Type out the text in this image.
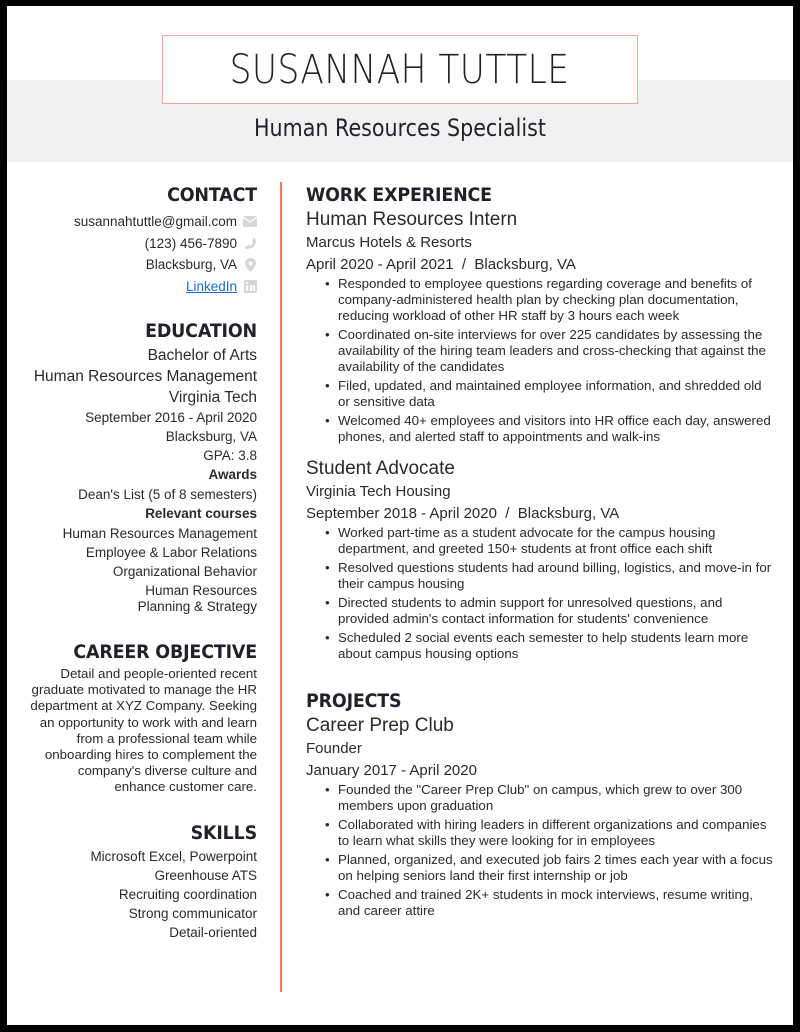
SUSANNAH TUTTLE
Human Resources Specialist
CONTACT
susannahtuttle@gmail.com
(123) 456-7890
Blacksburg, VA
LinkedIn
EDUCATION
Bachelor of Arts
Human Resources Management
Virginia Tech
September 2016 - April 2020
Blacksburg, VA
GPA: 3.8
Awards
Dean's List (5 of 8 semesters)
Relevant courses
Human Resources Management
Employee & Labor Relations
Organizational Behavior
Human Resources Planning & Strategy
CAREER OBJECTIVE
Detail and people-oriented recent graduate motivated to manage the HR department at XYZ Company. Seeking an opportunity to work with and learn from a professional team while onboarding hires to complement the company's diverse culture and enhance customer care.
SKILLS
Microsoft Excel, Powerpoint
Greenhouse ATS
Recruiting coordination
Strong communicator
Detail-oriented
WORK EXPERIENCE
Human Resources Intern
Marcus Hotels & Resorts
April 2020 - April 2021  /  Blacksburg, VA
• Responded to employee questions regarding coverage and benefits of company-administered health plan by checking plan documentation, reducing workload of other HR staff by 3 hours each week
• Coordinated on-site interviews for over 225 candidates by assessing the availability of the hiring team leaders and cross-checking that against the availability of the candidates
• Filed, updated, and maintained employee information, and shredded old or sensitive data
• Welcomed 40+ employees and visitors into HR office each day, answered phones, and alerted staff to appointments and walk-ins
Student Advocate
Virginia Tech Housing
September 2018 - April 2020  /  Blacksburg, VA
• Worked part-time as a student advocate for the campus housing department, and greeted 150+ students at front office each shift
• Resolved questions students had around billing, logistics, and move-in for their campus housing
• Directed students to admin support for unresolved questions, and provided admin's contact information for students' convenience
• Scheduled 2 social events each semester to help students learn more about campus housing options
PROJECTS
Career Prep Club
Founder
January 2017 - April 2020
• Founded the "Career Prep Club" on campus, which grew to over 300 members upon graduation
• Collaborated with hiring leaders in different organizations and companies to learn what skills they were looking for in employees
• Planned, organized, and executed job fairs 2 times each year with a focus on helping seniors land their first internship or job
• Coached and trained 2K+ students in mock interviews, resume writing, and career attire
